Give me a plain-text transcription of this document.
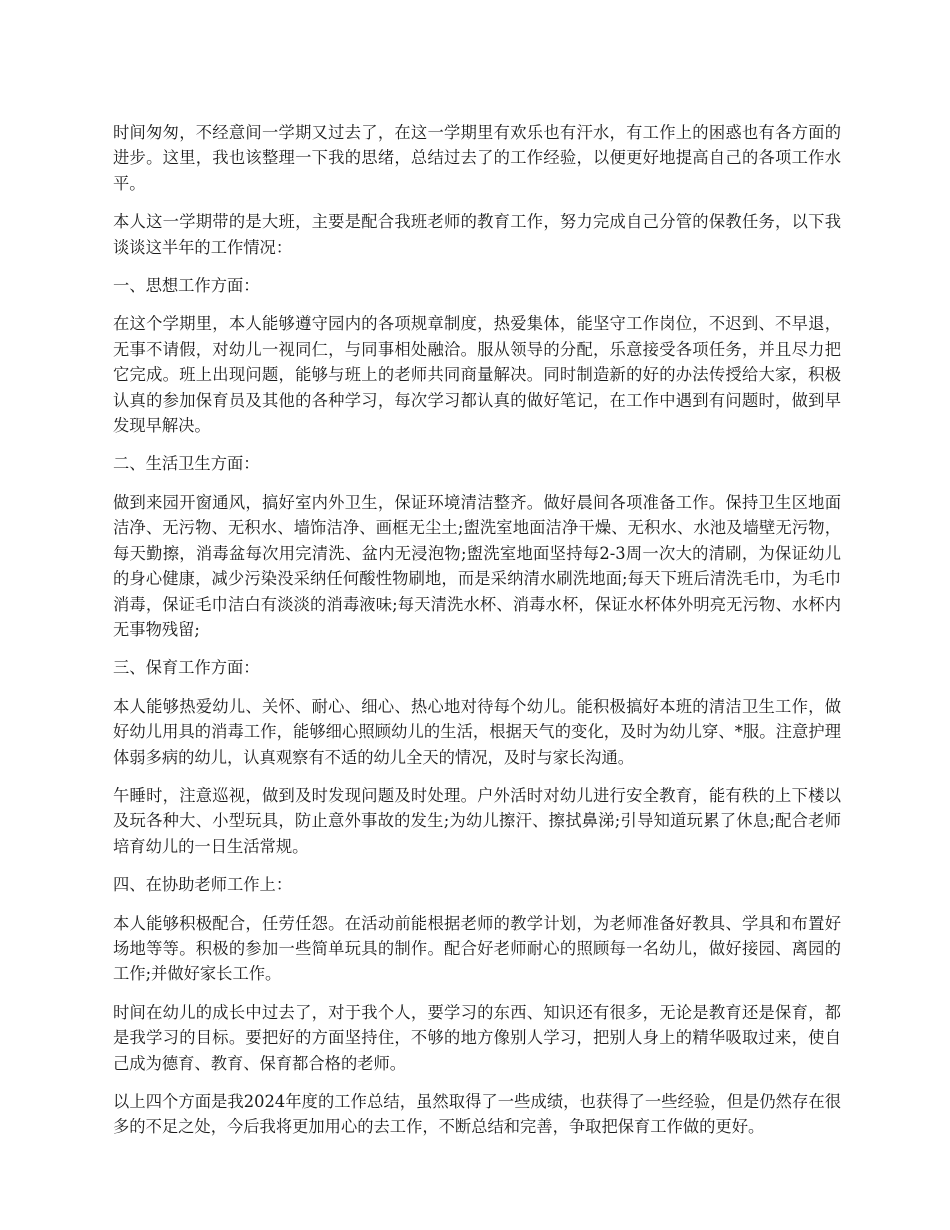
时间匆匆，不经意间一学期又过去了，在这一学期里有欢乐也有汗水，有工作上的困惑也有各方面的进步。这里，我也该整理一下我的思绪，总结过去了的工作经验，以便更好地提高自己的各项工作水平。

本人这一学期带的是大班，主要是配合我班老师的教育工作，努力完成自己分管的保教任务，以下我谈谈这半年的工作情况：

一、思想工作方面：

在这个学期里，本人能够遵守园内的各项规章制度，热爱集体，能坚守工作岗位，不迟到、不早退，无事不请假，对幼儿一视同仁，与同事相处融洽。服从领导的分配，乐意接受各项任务，并且尽力把它完成。班上出现问题，能够与班上的老师共同商量解决。同时制造新的好的办法传授给大家，积极认真的参加保育员及其他的各种学习，每次学习都认真的做好笔记，在工作中遇到有问题时，做到早发现早解决。

二、生活卫生方面：

做到来园开窗通风，搞好室内外卫生，保证环境清洁整齐。做好晨间各项准备工作。保持卫生区地面洁净、无污物、无积水、墙饰洁净、画框无尘土;盥洗室地面洁净干燥、无积水、水池及墙壁无污物，每天勤擦，消毒盆每次用完清洗、盆内无浸泡物;盥洗室地面坚持每2-3周一次大的清刷，为保证幼儿的身心健康，减少污染没采纳任何酸性物刷地，而是采纳清水刷洗地面;每天下班后清洗毛巾，为毛巾消毒，保证毛巾洁白有淡淡的消毒液味;每天清洗水杯、消毒水杯，保证水杯体外明亮无污物、水杯内无事物残留;

三、保育工作方面：

本人能够热爱幼儿、关怀、耐心、细心、热心地对待每个幼儿。能积极搞好本班的清洁卫生工作，做好幼儿用具的消毒工作，能够细心照顾幼儿的生活，根据天气的变化，及时为幼儿穿、*服。注意护理体弱多病的幼儿，认真观察有不适的幼儿全天的情况，及时与家长沟通。

午睡时，注意巡视，做到及时发现问题及时处理。户外活时对幼儿进行安全教育，能有秩的上下楼以及玩各种大、小型玩具，防止意外事故的发生;为幼儿擦汗、擦拭鼻涕;引导知道玩累了休息;配合老师培育幼儿的一日生活常规。

四、在协助老师工作上：

本人能够积极配合，任劳任怨。在活动前能根据老师的教学计划，为老师准备好教具、学具和布置好场地等等。积极的参加一些简单玩具的制作。配合好老师耐心的照顾每一名幼儿，做好接园、离园的工作;并做好家长工作。

时间在幼儿的成长中过去了，对于我个人，要学习的东西、知识还有很多，无论是教育还是保育，都是我学习的目标。要把好的方面坚持住，不够的地方像别人学习，把别人身上的精华吸取过来，使自己成为德育、教育、保育都合格的老师。

以上四个方面是我2024年度的工作总结，虽然取得了一些成绩，也获得了一些经验，但是仍然存在很多的不足之处，今后我将更加用心的去工作，不断总结和完善，争取把保育工作做的更好。
